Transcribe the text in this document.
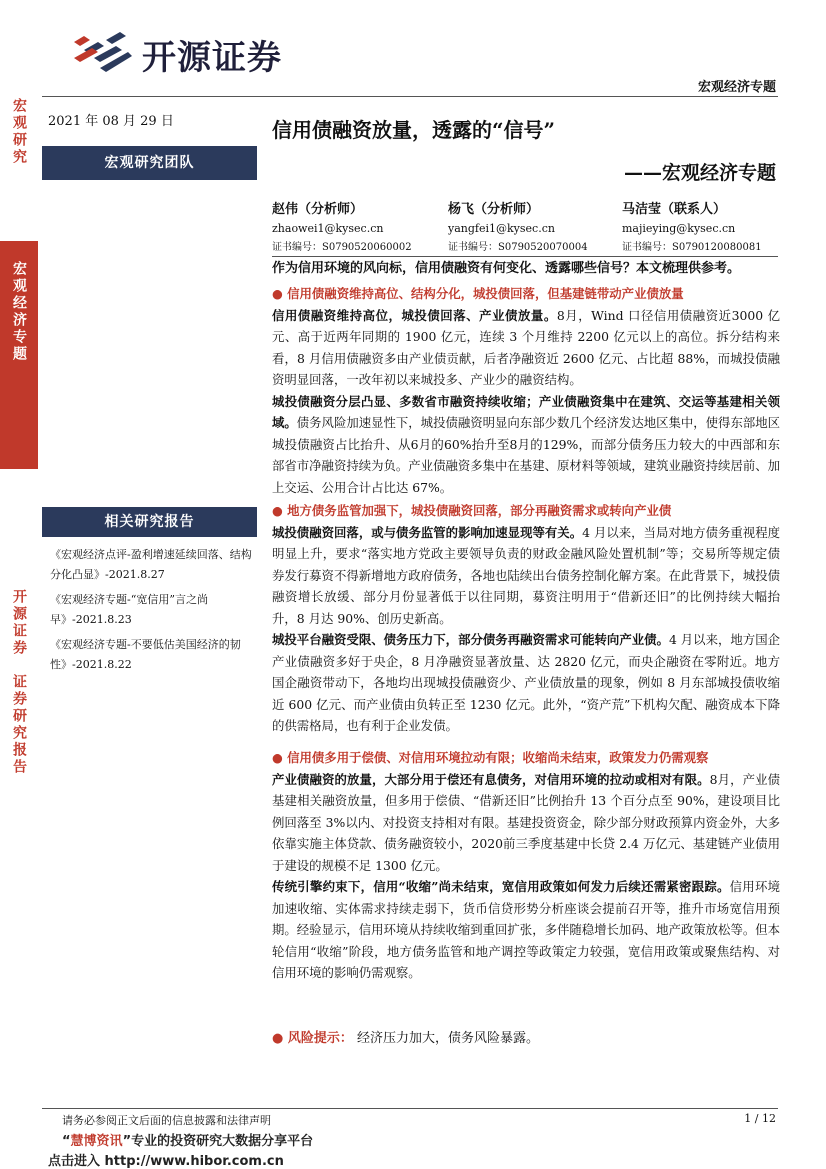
开源证券
宏观经济专题
宏观研究
宏观经济专题
开源证券　证券研究报告
2021 年 08 月 29 日
宏观研究团队
相关研究报告
《宏观经济点评-盈利增速延续回落、结构分化凸显》-2021.8.27
《宏观经济专题-“宽信用”言之尚早》-2021.8.23
《宏观经济专题-不要低估美国经济的韧性》-2021.8.22
信用债融资放量，透露的“信号”
——宏观经济专题
赵伟（分析师）
zhaowei1@kysec.cn
证书编号：S0790520060002
杨飞（分析师）
yangfei1@kysec.cn
证书编号：S0790520070004
马洁莹（联系人）
majieying@kysec.cn
证书编号：S0790120080081
作为信用环境的风向标，信用债融资有何变化、透露哪些信号？本文梳理供参考。
● 信用债融资维持高位、结构分化，城投债回落，但基建链带动产业债放量
信用债融资维持高位，城投债回落、产业债放量。8月，Wind 口径信用债融资近3000 亿元、高于近两年同期的 1900 亿元，连续 3 个月维持 2200 亿元以上的高位。拆分结构来看，8 月信用债融资多由产业债贡献，后者净融资近 2600 亿元、占比超 88%，而城投债融资明显回落，一改年初以来城投多、产业少的融资结构。
城投债融资分层凸显、多数省市融资持续收缩；产业债融资集中在建筑、交运等基建相关领域。债务风险加速显性下，城投债融资明显向东部少数几个经济发达地区集中，使得东部地区城投债融资占比抬升、从6月的60%抬升至8月的129%，而部分债务压力较大的中西部和东部省市净融资持续为负。产业债融资多集中在基建、原材料等领域，建筑业融资持续居前、加上交运、公用合计占比达 67%。
● 地方债务监管加强下，城投债融资回落，部分再融资需求或转向产业债
城投债融资回落，或与债务监管的影响加速显现等有关。4 月以来，当局对地方债务重视程度明显上升，要求“落实地方党政主要领导负责的财政金融风险处置机制”等；交易所等规定债券发行募资不得新增地方政府债务，各地也陆续出台债务控制化解方案。在此背景下，城投债融资增长放缓、部分月份显著低于以往同期，募资注明用于“借新还旧”的比例持续大幅抬升，8 月达 90%、创历史新高。
城投平台融资受限、债务压力下，部分债务再融资需求可能转向产业债。4 月以来，地方国企产业债融资多好于央企，8 月净融资显著放量、达 2820 亿元，而央企融资在零附近。地方国企融资带动下，各地均出现城投债融资少、产业债放量的现象，例如 8 月东部城投债收缩近 600 亿元、而产业债由负转正至 1230 亿元。此外，“资产荒”下机构欠配、融资成本下降的供需格局，也有利于企业发债。
● 信用债多用于偿债、对信用环境拉动有限；收缩尚未结束，政策发力仍需观察
产业债融资的放量，大部分用于偿还有息债务，对信用环境的拉动或相对有限。8月，产业债基建相关融资放量，但多用于偿债、“借新还旧”比例抬升 13 个百分点至 90%，建设项目比例回落至 3%以内、对投资支持相对有限。基建投资资金，除少部分财政预算内资金外，大多依靠实施主体贷款、债务融资较小，2020前三季度基建中长贷 2.4 万亿元、基建链产业债用于建设的规模不足 1300 亿元。
传统引擎约束下，信用“收缩”尚未结束，宽信用政策如何发力后续还需紧密跟踪。信用环境加速收缩、实体需求持续走弱下，货币信贷形势分析座谈会提前召开等，推升市场宽信用预期。经验显示，信用环境从持续收缩到重回扩张，多伴随稳增长加码、地产政策放松等。但本轮信用“收缩”阶段，地方债务监管和地产调控等政策定力较强，宽信用政策或聚焦结构、对信用环境的影响仍需观察。
● 风险提示： 经济压力加大，债务风险暴露。
请务必参阅正文后面的信息披露和法律声明	1 / 12
“慧博资讯”专业的投资研究大数据分享平台
点击进入 http://www.hibor.com.cn
